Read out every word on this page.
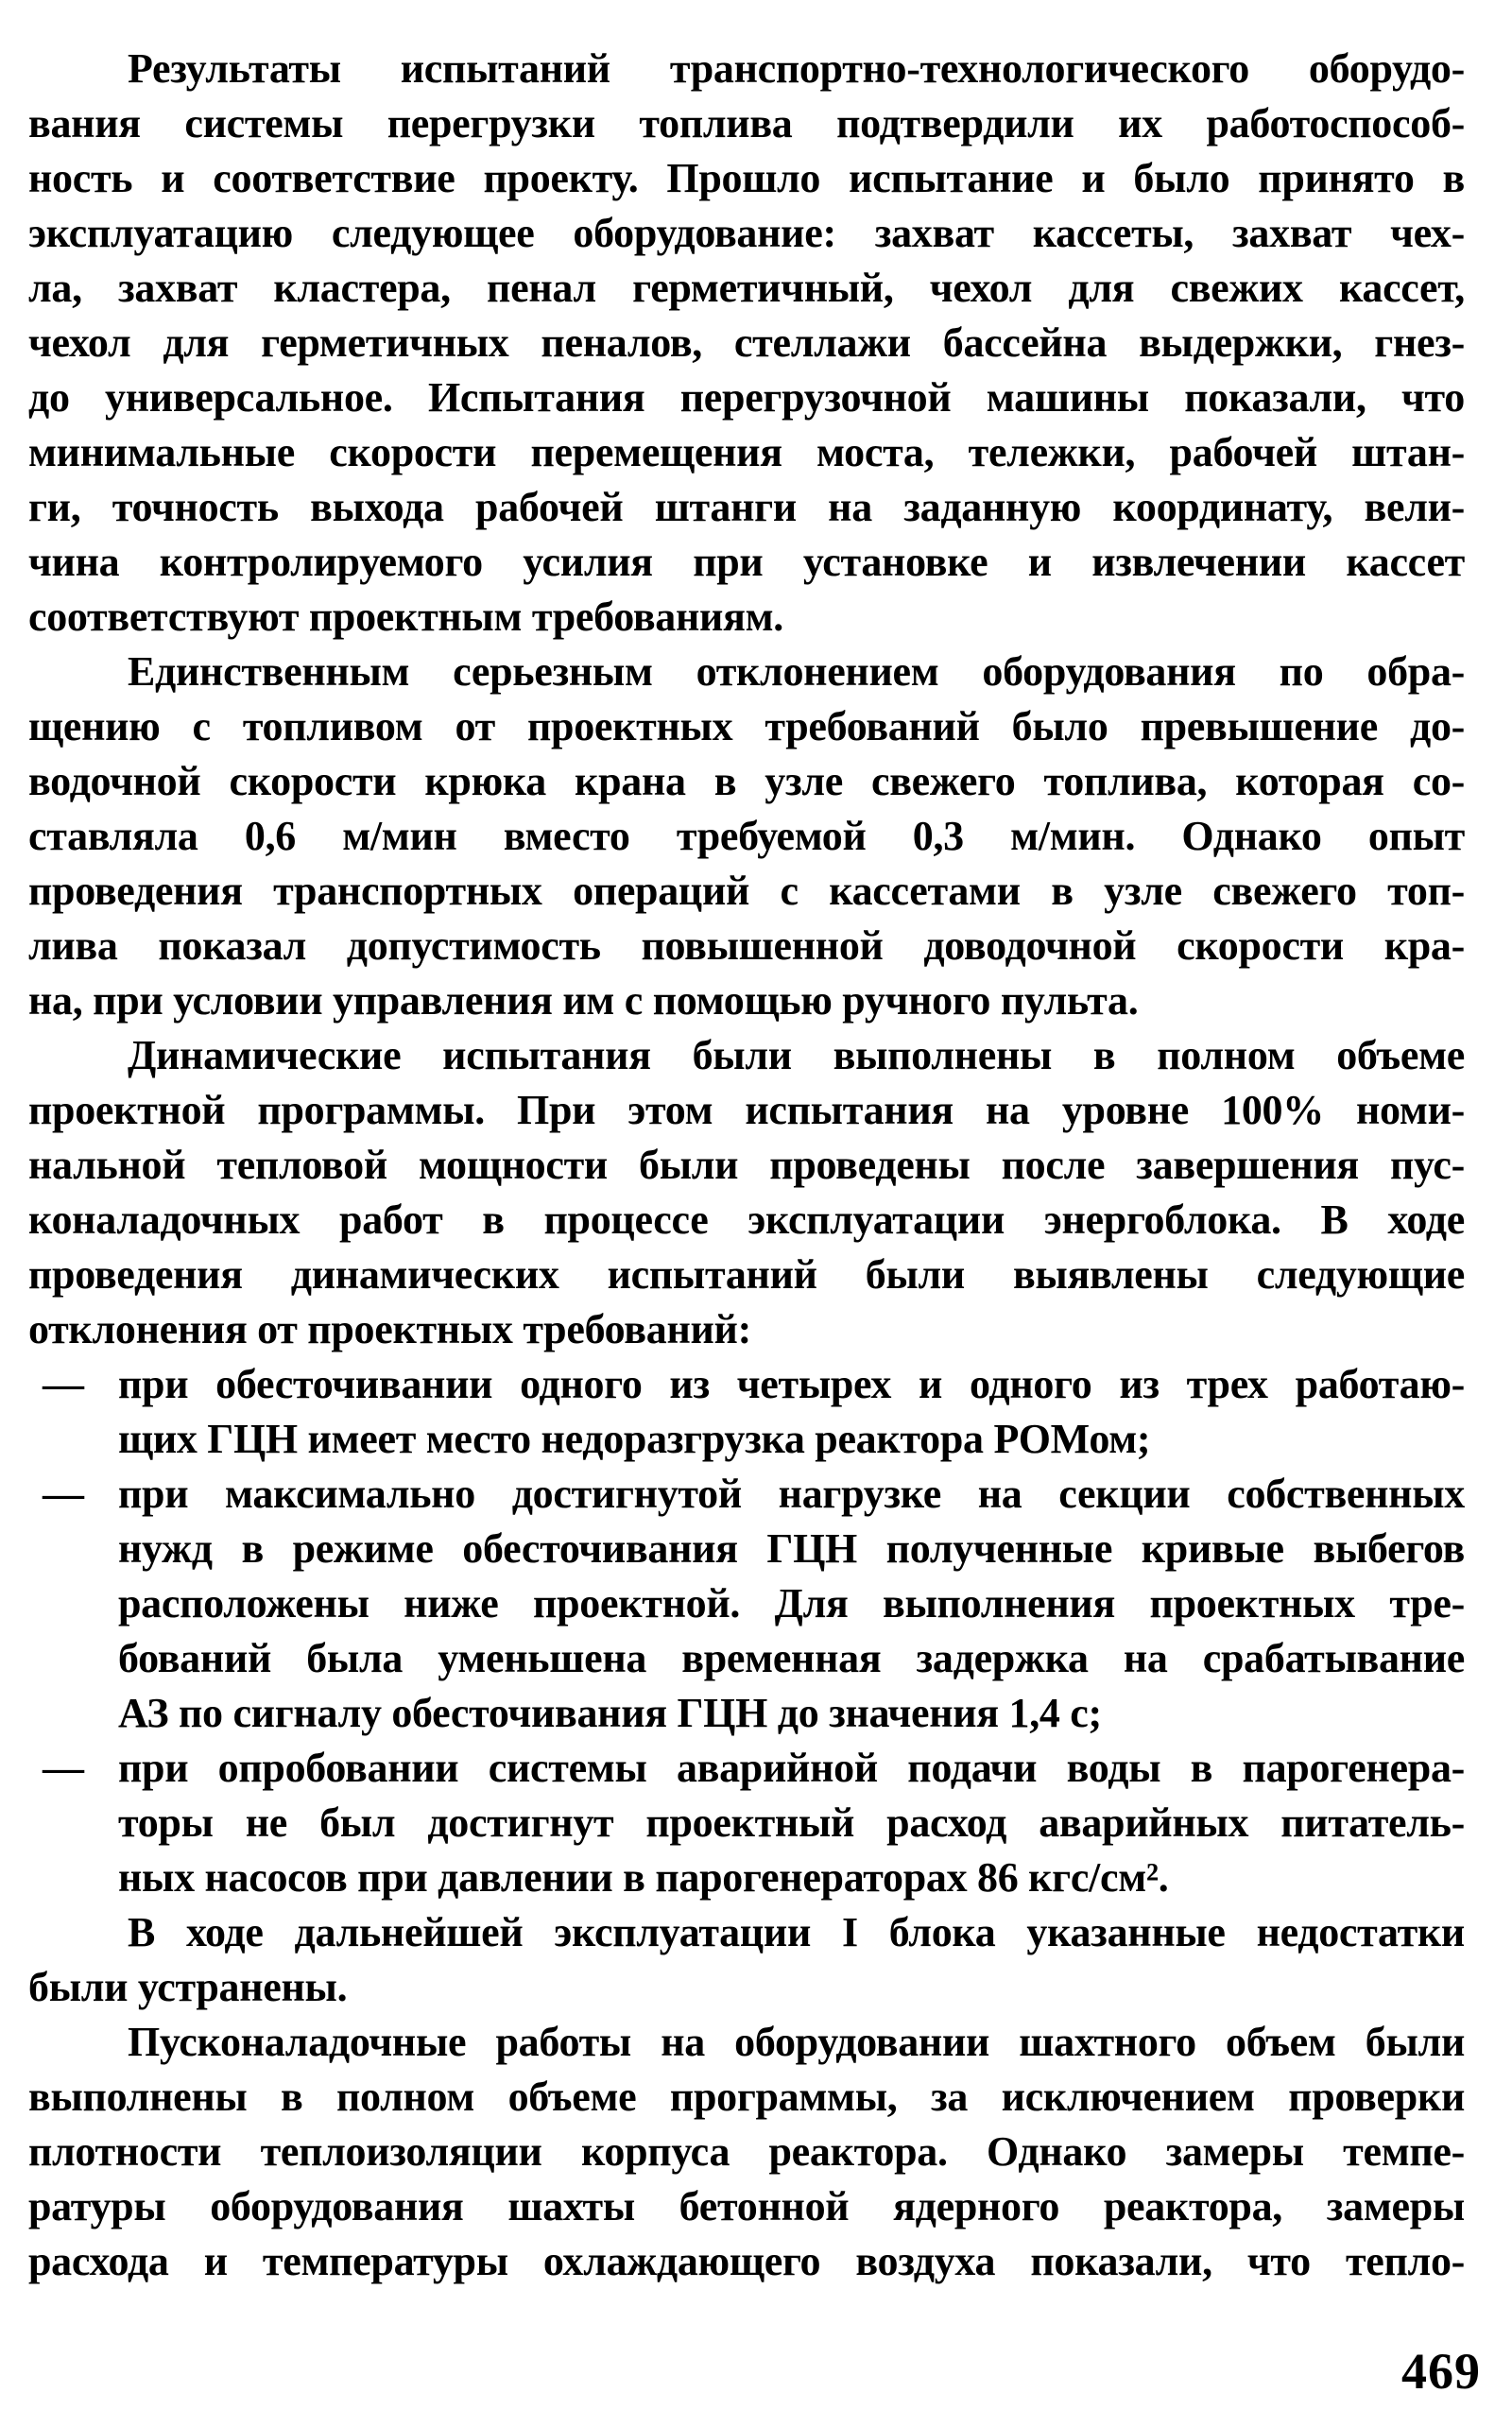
Результаты испытаний транспортно-технологического оборудо-
вания системы перегрузки топлива подтвердили их работоспособ-
ность и соответствие проекту. Прошло испытание и было принято в
эксплуатацию следующее оборудование: захват кассеты, захват чех-
ла, захват кластера, пенал герметичный, чехол для свежих кассет,
чехол для герметичных пеналов, стеллажи бассейна выдержки, гнез-
до универсальное. Испытания перегрузочной машины показали, что
минимальные скорости перемещения моста, тележки, рабочей штан-
ги, точность выхода рабочей штанги на заданную координату, вели-
чина контролируемого усилия при установке и извлечении кассет
соответствуют проектным требованиям.
Единственным серьезным отклонением оборудования по обра-
щению с топливом от проектных требований было превышение до-
водочной скорости крюка крана в узле свежего топлива, которая со-
ставляла 0,6 м/мин вместо требуемой 0,3 м/мин. Однако опыт
проведения транспортных операций с кассетами в узле свежего топ-
лива показал допустимость повышенной доводочной скорости кра-
на, при условии управления им с помощью ручного пульта.
Динамические испытания были выполнены в полном объеме
проектной программы. При этом испытания на уровне 100% номи-
нальной тепловой мощности были проведены после завершения пус-
коналадочных работ в процессе эксплуатации энергоблока. В ходе
проведения динамических испытаний были выявлены следующие
отклонения от проектных требований:
— при обесточивании одного из четырех и одного из трех работаю-
щих ГЦН имеет место недоразгрузка реактора РОМом;
— при максимально достигнутой нагрузке на секции собственных
нужд в режиме обесточивания ГЦН полученные кривые выбегов
расположены ниже проектной. Для выполнения проектных тре-
бований была уменьшена временная задержка на срабатывание
АЗ по сигналу обесточивания ГЦН до значения 1,4 с;
— при опробовании системы аварийной подачи воды в парогенера-
торы не был достигнут проектный расход аварийных питатель-
ных насосов при давлении в парогенераторах 86 кгс/см².
В ходе дальнейшей эксплуатации I блока указанные недостатки
были устранены.
Пусконаладочные работы на оборудовании шахтного объем были
выполнены в полном объеме программы, за исключением проверки
плотности теплоизоляции корпуса реактора. Однако замеры темпе-
ратуры оборудования шахты бетонной ядерного реактора, замеры
расхода и температуры охлаждающего воздуха показали, что тепло-
469
